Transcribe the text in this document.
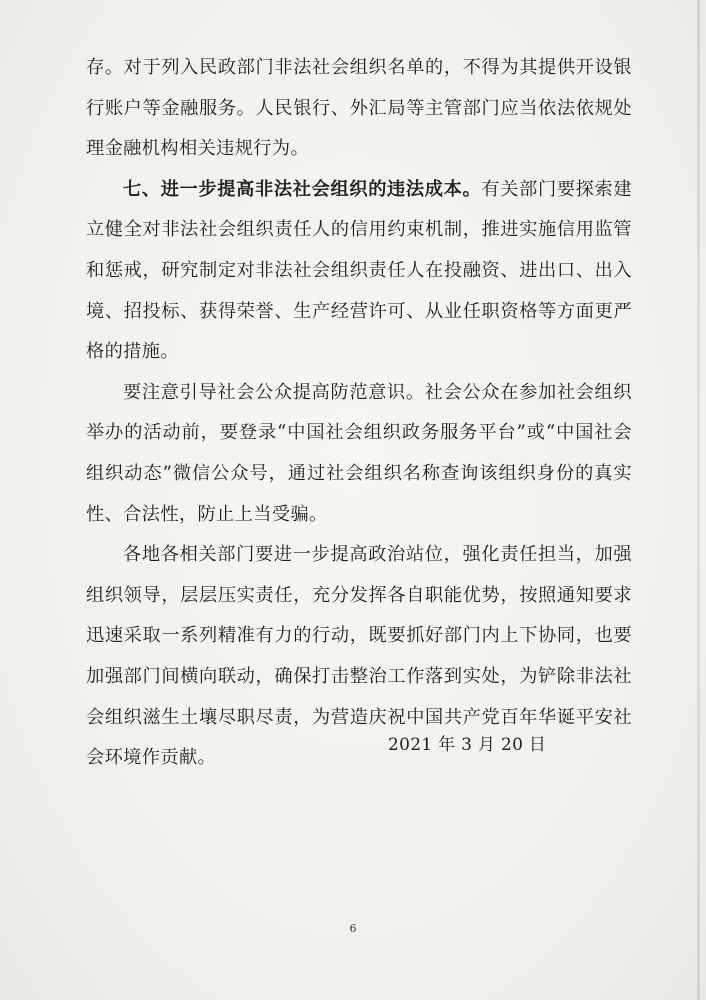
存。对于列入民政部门非法社会组织名单的，不得为其提供开设银行账户等金融服务。人民银行、外汇局等主管部门应当依法依规处理金融机构相关违规行为。

七、进一步提高非法社会组织的违法成本。有关部门要探索建立健全对非法社会组织责任人的信用约束机制，推进实施信用监管和惩戒，研究制定对非法社会组织责任人在投融资、进出口、出入境、招投标、获得荣誉、生产经营许可、从业任职资格等方面更严格的措施。

要注意引导社会公众提高防范意识。社会公众在参加社会组织举办的活动前，要登录“中国社会组织政务服务平台”或“中国社会组织动态”微信公众号，通过社会组织名称查询该组织身份的真实性、合法性，防止上当受骗。

各地各相关部门要进一步提高政治站位，强化责任担当，加强组织领导，层层压实责任，充分发挥各自职能优势，按照通知要求迅速采取一系列精准有力的行动，既要抓好部门内上下协同，也要加强部门间横向联动，确保打击整治工作落到实处，为铲除非法社会组织滋生土壤尽职尽责，为营造庆祝中国共产党百年华诞平安社会环境作贡献。

2021 年 3 月 20 日
6
